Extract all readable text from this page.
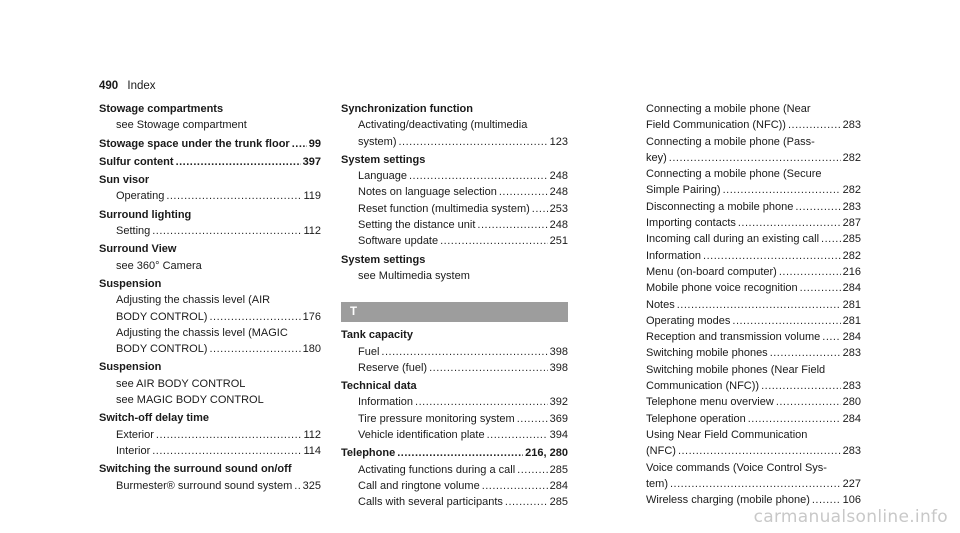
490 Index
Stowage compartments
see Stowage compartment
Stowage space under the trunk floor ..... 99
Sulfur content .....	397
Sun visor
Operating .....	119
Surround lighting
Setting .....	112
Surround View
see 360° Camera
Suspension
Adjusting the chassis level (AIR
BODY CONTROL) .....	176
Adjusting the chassis level (MAGIC
BODY CONTROL) .....	180
Suspension
see AIR BODY CONTROL
see MAGIC BODY CONTROL
Switch-off delay time
Exterior .....	112
Interior .....	114
Switching the surround sound on/off
Burmester® surround sound system ..... 325
Synchronization function
Activating/deactivating (multimedia
system) .....	123
System settings
Language .....	248
Notes on language selection .....	248
Reset function (multimedia system) ..... 253
Setting the distance unit .....	248
Software update .....	251
System settings
see Multimedia system
T
Tank capacity
Fuel .....	398
Reserve (fuel) .....	398
Technical data
Information .....	392
Tire pressure monitoring system .....	369
Vehicle identification plate .....	394
Telephone .....	216, 280
Activating functions during a call .....	285
Call and ringtone volume .....	284
Calls with several participants .....	285
Connecting a mobile phone (Near
Field Communication (NFC)) .....	283
Connecting a mobile phone (Pass-
key) .....	282
Connecting a mobile phone (Secure
Simple Pairing) .....	282
Disconnecting a mobile phone .....	283
Importing contacts .....	287
Incoming call during an existing call ..... 285
Information .....	282
Menu (on-board computer) .....	216
Mobile phone voice recognition .....	284
Notes .....	281
Operating modes .....	281
Reception and transmission volume ..... 284
Switching mobile phones .....	283
Switching mobile phones (Near Field
Communication (NFC)) .....	283
Telephone menu overview .....	280
Telephone operation .....	284
Using Near Field Communication
(NFC) .....	283
Voice commands (Voice Control Sys-
tem) .....	227
Wireless charging (mobile phone) .....	106
carmanualsonline.info
